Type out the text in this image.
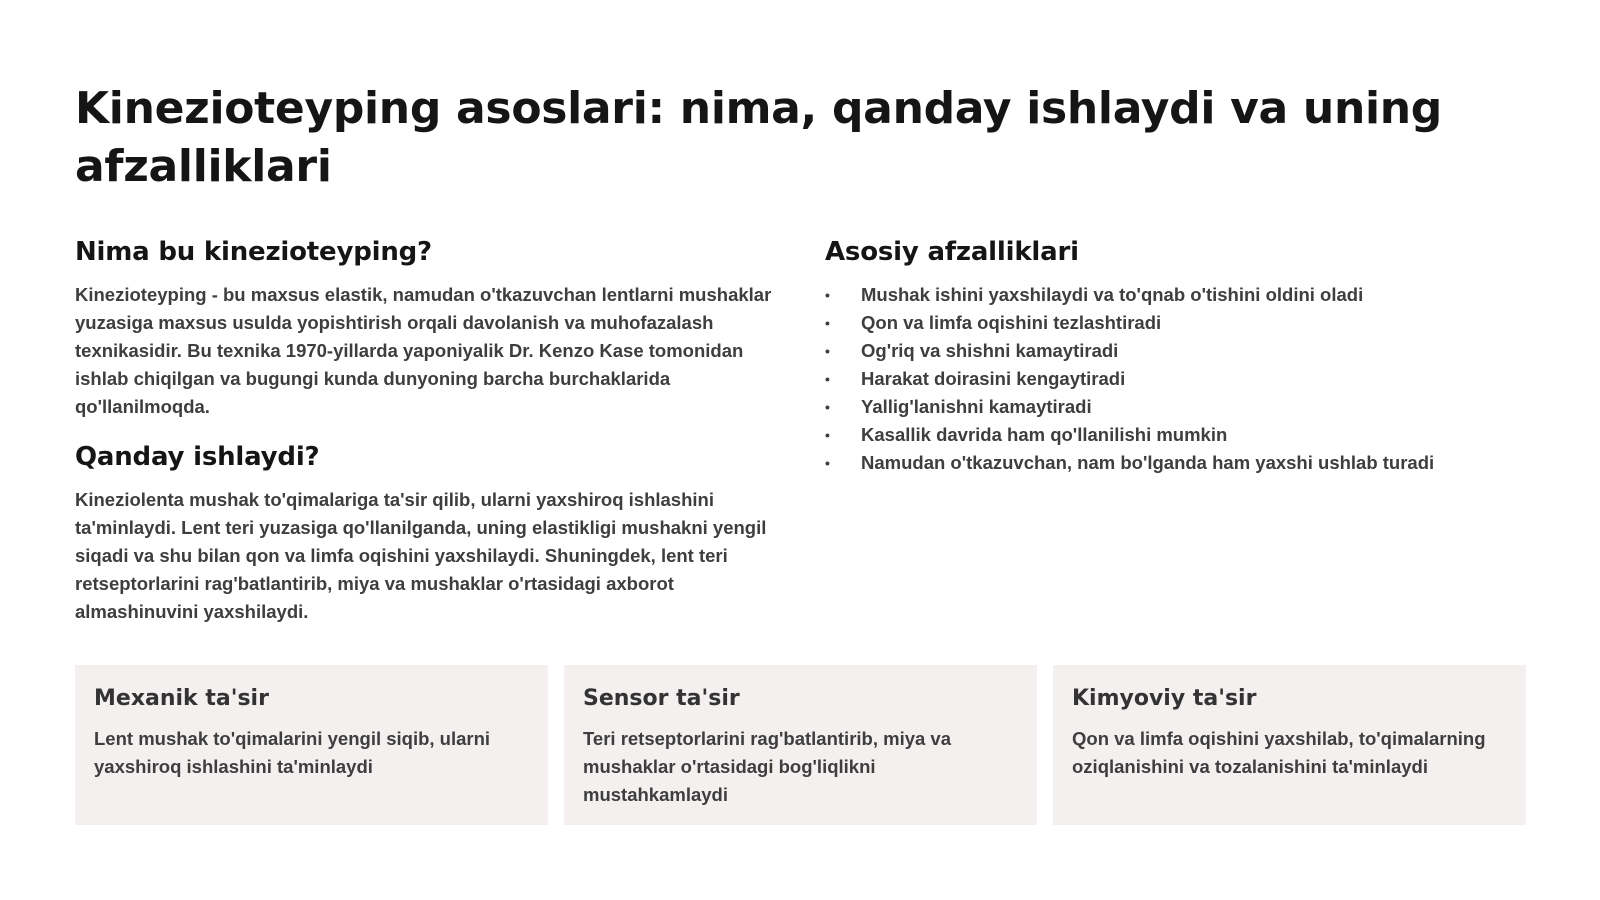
Kinezioteyping asoslari: nima, qanday ishlaydi va uning afzalliklari
Nima bu kinezioteyping?

Kinezioteyping - bu maxsus elastik, namudan o'tkazuvchan lentlarni mushaklar yuzasiga maxsus usulda yopishtirish orqali davolanish va muhofazalash texnikasidir. Bu texnika 1970-yillarda yaponiyalik Dr. Kenzo Kase tomonidan ishlab chiqilgan va bugungi kunda dunyoning barcha burchaklarida qo'llanilmoqda.

Qanday ishlaydi?

Kineziolenta mushak to'qimalariga ta'sir qilib, ularni yaxshiroq ishlashini ta'minlaydi. Lent teri yuzasiga qo'llanilganda, uning elastikligi mushakni yengil siqadi va shu bilan qon va limfa oqishini yaxshilaydi. Shuningdek, lent teri retseptorlarini rag'batlantirib, miya va mushaklar o'rtasidagi axborot almashinuvini yaxshilaydi.

Asosiy afzalliklari
• Mushak ishini yaxshilaydi va to'qnab o'tishini oldini oladi
• Qon va limfa oqishini tezlashtiradi
• Og'riq va shishni kamaytiradi
• Harakat doirasini kengaytiradi
• Yallig'lanishni kamaytiradi
• Kasallik davrida ham qo'llanilishi mumkin
• Namudan o'tkazuvchan, nam bo'lganda ham yaxshi ushlab turadi
Mexanik ta'sir

Lent mushak to'qimalarini yengil siqib, ularni yaxshiroq ishlashini ta'minlaydi

Sensor ta'sir

Teri retseptorlarini rag'batlantirib, miya va mushaklar o'rtasidagi bog'liqlikni mustahkamlaydi

Kimyoviy ta'sir

Qon va limfa oqishini yaxshilab, to'qimalarning oziqlanishini va tozalanishini ta'minlaydi
